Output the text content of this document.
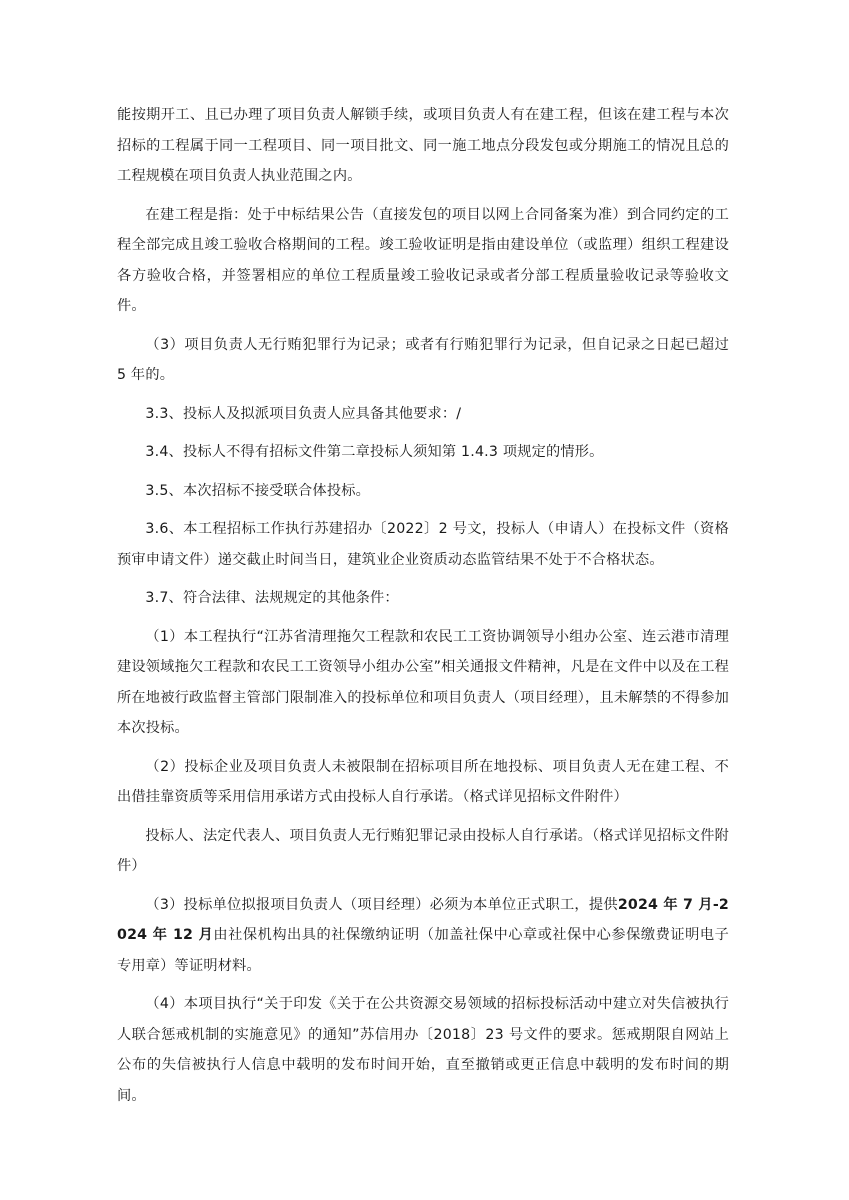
能按期开工、且已办理了项目负责人解锁手续，或项目负责人有在建工程，但该在建工程与本次招标的工程属于同一工程项目、同一项目批文、同一施工地点分段发包或分期施工的情况且总的工程规模在项目负责人执业范围之内。

在建工程是指：处于中标结果公告（直接发包的项目以网上合同备案为准）到合同约定的工程全部完成且竣工验收合格期间的工程。竣工验收证明是指由建设单位（或监理）组织工程建设各方验收合格，并签署相应的单位工程质量竣工验收记录或者分部工程质量验收记录等验收文件。

（3）项目负责人无行贿犯罪行为记录；或者有行贿犯罪行为记录，但自记录之日起已超过 5 年的。

3.3、投标人及拟派项目负责人应具备其他要求：/

3.4、投标人不得有招标文件第二章投标人须知第 1.4.3 项规定的情形。

3.5、本次招标不接受联合体投标。

3.6、本工程招标工作执行苏建招办〔2022〕2 号文，投标人（申请人）在投标文件（资格预审申请文件）递交截止时间当日，建筑业企业资质动态监管结果不处于不合格状态。

3.7、符合法律、法规规定的其他条件：

（1）本工程执行“江苏省清理拖欠工程款和农民工工资协调领导小组办公室、连云港市清理建设领域拖欠工程款和农民工工资领导小组办公室”相关通报文件精神，凡是在文件中以及在工程所在地被行政监督主管部门限制准入的投标单位和项目负责人（项目经理），且未解禁的不得参加本次投标。

（2）投标企业及项目负责人未被限制在招标项目所在地投标、项目负责人无在建工程、不出借挂靠资质等采用信用承诺方式由投标人自行承诺。（格式详见招标文件附件）

投标人、法定代表人、项目负责人无行贿犯罪记录由投标人自行承诺。（格式详见招标文件附件）

（3）投标单位拟报项目负责人（项目经理）必须为本单位正式职工，提供2024 年 7 月-2024 年 12 月由社保机构出具的社保缴纳证明（加盖社保中心章或社保中心参保缴费证明电子专用章）等证明材料。

（4）本项目执行“关于印发《关于在公共资源交易领域的招标投标活动中建立对失信被执行人联合惩戒机制的实施意见》的通知”苏信用办〔2018〕23 号文件的要求。惩戒期限自网站上公布的失信被执行人信息中载明的发布时间开始，直至撤销或更正信息中载明的发布时间的期间。
